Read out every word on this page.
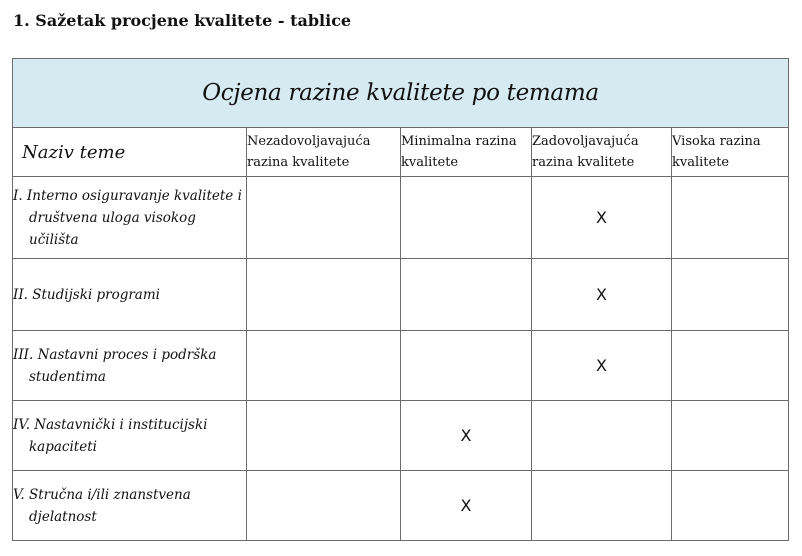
1. Sažetak procjene kvalitete - tablice
Ocjena razine kvalitete po temama				
Naziv teme	Nezadovoljavajuća razina kvalitete	Minimalna razina kvalitete	Zadovoljavajuća razina kvalitete	Visoka razina kvalitete

I. Interno osiguravanje kvalitete i društvena uloga visokog učilišta			X	

II. Studijski programi			X	

III. Nastavni proces i podrška studentima			X	

IV. Nastavnički i institucijski kapaciteti		X		

V. Stručna i/ili znanstvena djelatnost		X		
